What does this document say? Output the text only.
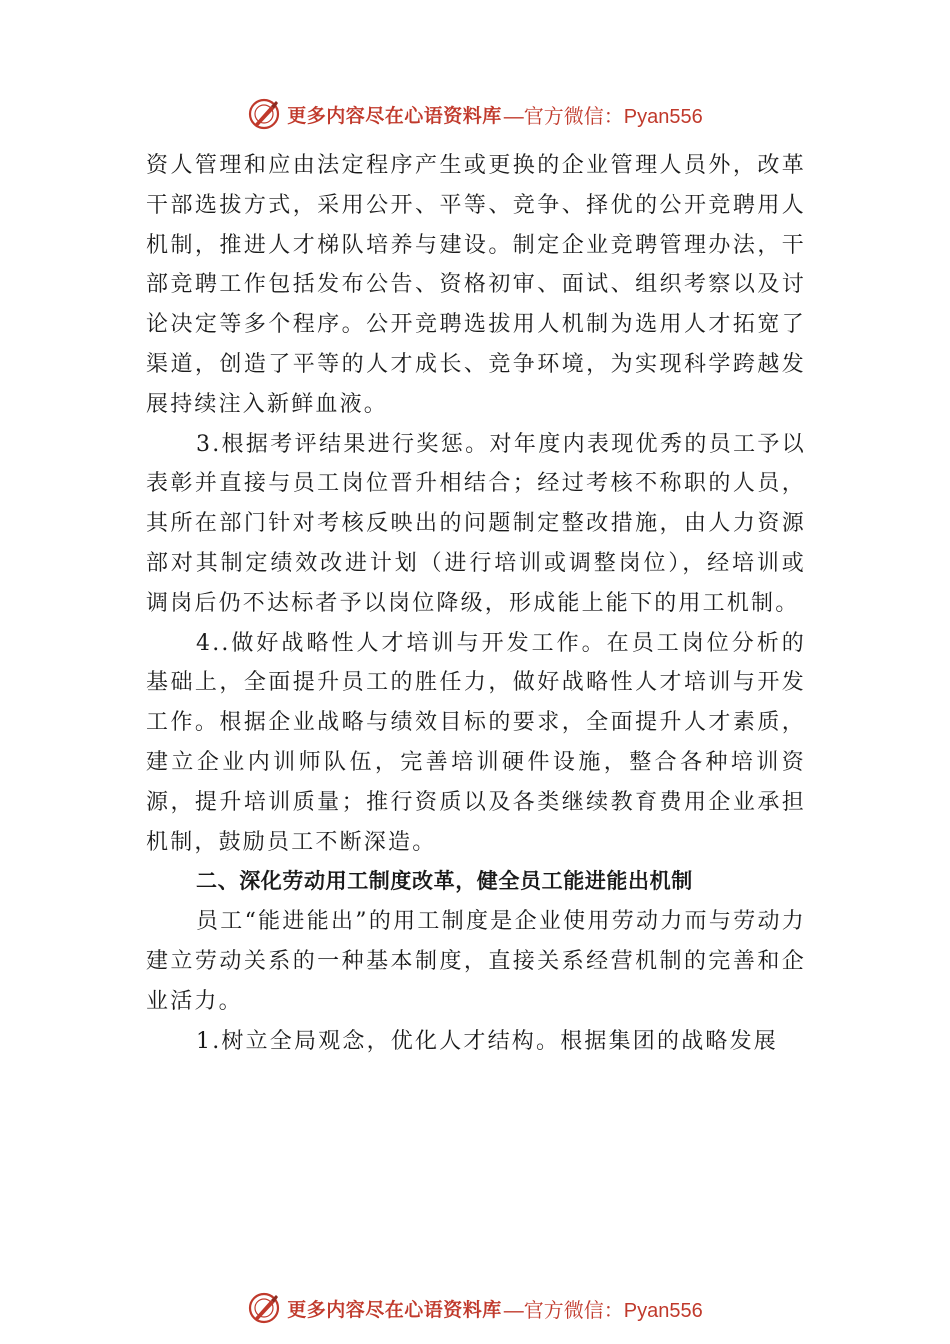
更多内容尽在心语资料库 —官方微信：Pyan556

资人管理和应由法定程序产生或更换的企业管理人员外，改革干部选拔方式，采用公开、平等、竞争、择优的公开竞聘用人机制，推进人才梯队培养与建设。制定企业竞聘管理办法，干部竞聘工作包括发布公告、资格初审、面试、组织考察以及讨论决定等多个程序。公开竞聘选拔用人机制为选用人才拓宽了渠道，创造了平等的人才成长、竞争环境，为实现科学跨越发展持续注入新鲜血液。

3.根据考评结果进行奖惩。对年度内表现优秀的员工予以表彰并直接与员工岗位晋升相结合；经过考核不称职的人员，其所在部门针对考核反映出的问题制定整改措施，由人力资源部对其制定绩效改进计划（进行培训或调整岗位），经培训或调岗后仍不达标者予以岗位降级，形成能上能下的用工机制。

4..做好战略性人才培训与开发工作。在员工岗位分析的基础上，全面提升员工的胜任力，做好战略性人才培训与开发工作。根据企业战略与绩效目标的要求，全面提升人才素质，建立企业内训师队伍，完善培训硬件设施，整合各种培训资源，提升培训质量；推行资质以及各类继续教育费用企业承担机制，鼓励员工不断深造。

二、深化劳动用工制度改革，健全员工能进能出机制

员工“能进能出”的用工制度是企业使用劳动力而与劳动力建立劳动关系的一种基本制度，直接关系经营机制的完善和企业活力。

1.树立全局观念，优化人才结构。根据集团的战略发展

更多内容尽在心语资料库 —官方微信：Pyan556
